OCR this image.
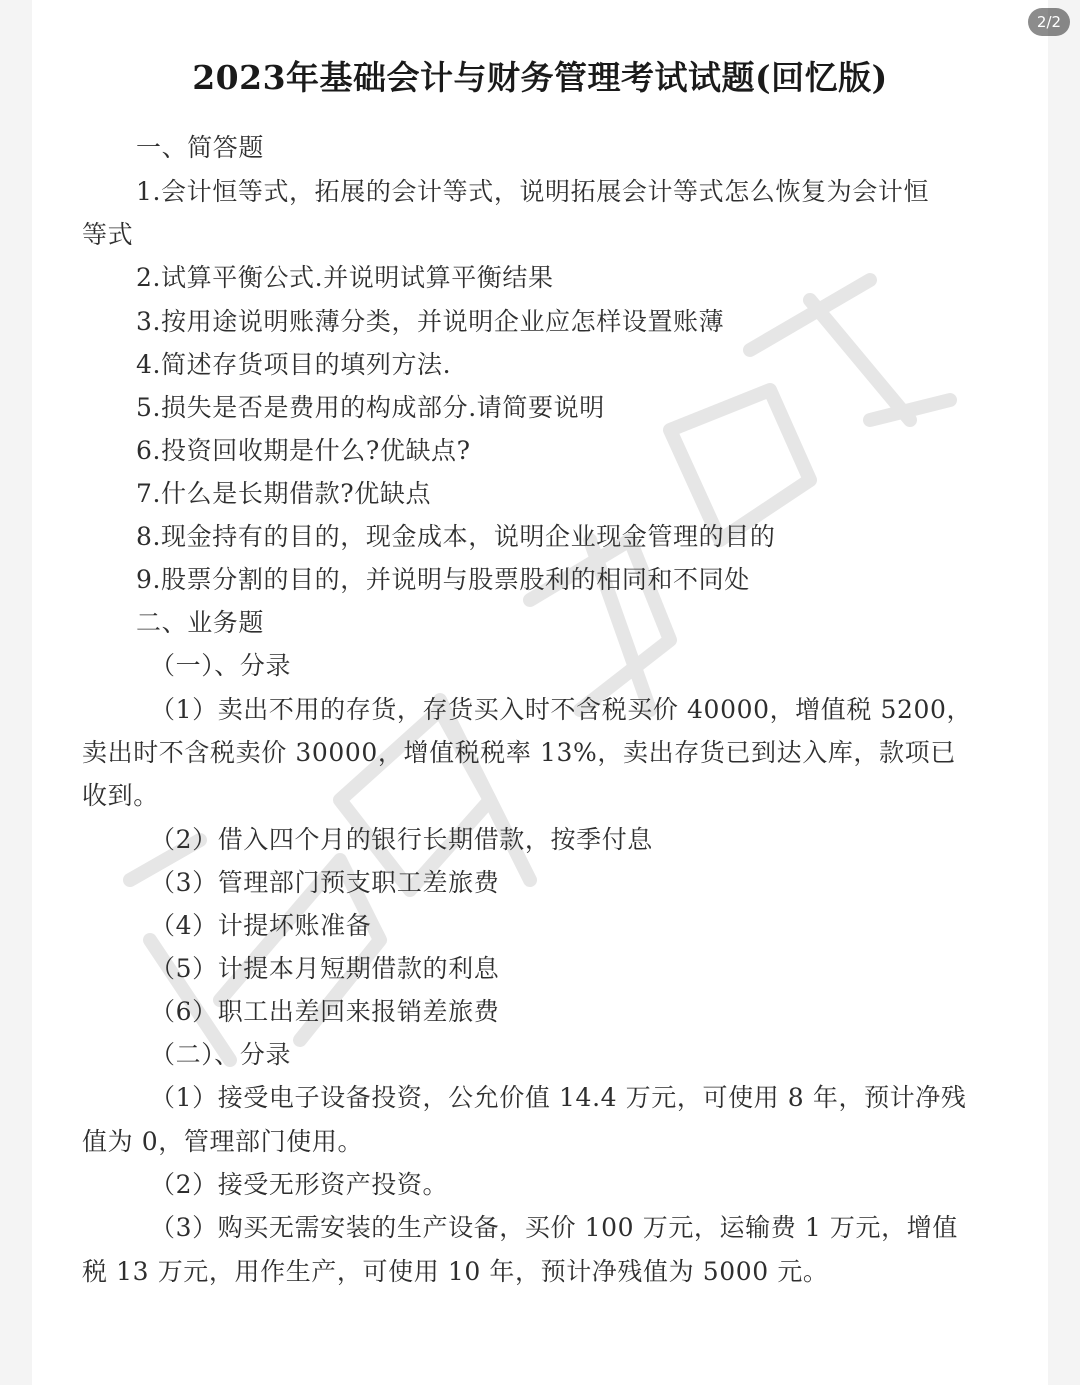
2/2
2023年基础会计与财务管理考试试题(回忆版)
一、简答题
1.会计恒等式，拓展的会计等式，说明拓展会计等式怎么恢复为会计恒
等式
2.试算平衡公式.并说明试算平衡结果
3.按用途说明账薄分类，并说明企业应怎样设置账薄
4.简述存货项目的填列方法.
5.损失是否是费用的构成部分.请简要说明
6.投资回收期是什么?优缺点?
7.什么是长期借款?优缺点
8.现金持有的目的，现金成本，说明企业现金管理的目的
9.股票分割的目的，并说明与股票股利的相同和不同处
二、业务题
（一）、分录
（1）卖出不用的存货，存货买入时不含税买价 40000，增值税 5200，
卖出时不含税卖价 30000，增值税税率 13%，卖出存货已到达入库，款项已
收到。
（2）借入四个月的银行长期借款，按季付息
（3）管理部门预支职工差旅费
（4）计提坏账准备
（5）计提本月短期借款的利息
（6）职工出差回来报销差旅费
（二）、分录
（1）接受电子设备投资，公允价值 14.4 万元，可使用 8 年，预计净残
值为 0，管理部门使用。
（2）接受无形资产投资。
（3）购买无需安装的生产设备，买价 100 万元，运输费 1 万元，增值
税 13 万元，用作生产，可使用 10 年，预计净残值为 5000 元。
